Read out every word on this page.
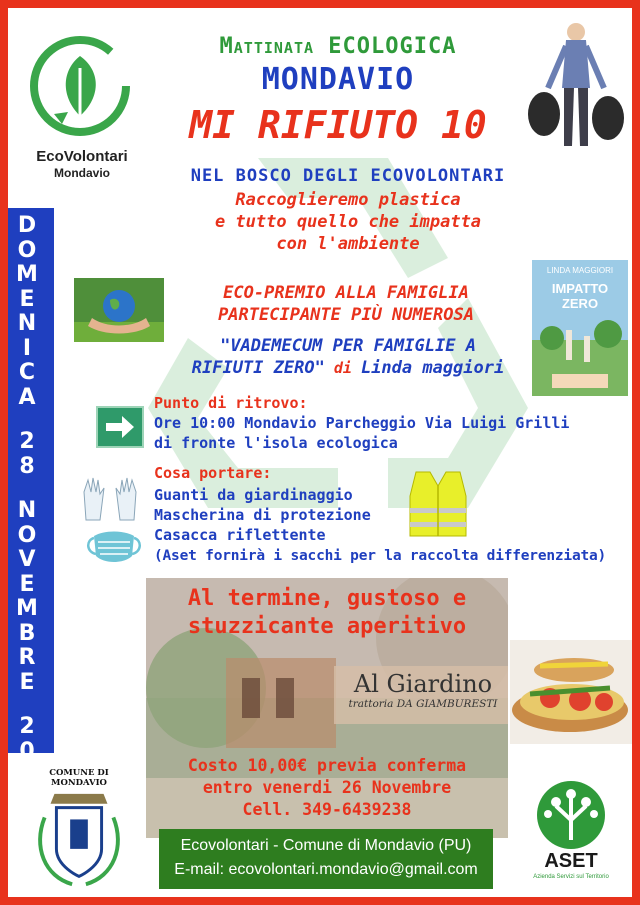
EcoVolontari
Mondavio
Mattinata ECOLOGICA
MONDAVIO
MI RIFIUTO 10
NEL BOSCO DEGLI ECOVOLONTARI
Raccoglieremo plastica
e tutto quello che impatta
con l'ambiente
D
O
M
E
N
I
C
A
2
8
N
O
V
E
M
B
R
E
2
0
2
1
ECO-PREMIO ALLA FAMIGLIA
PARTECIPANTE PIÙ NUMEROSA
"VADEMECUM PER FAMIGLIE A
RIFIUTI ZERO" di Linda maggiori
LINDA MAGGIORI
IMPATTO ZERO
Punto di ritrovo:
Ore 10:00 Mondavio Parcheggio Via Luigi Grilli
di fronte l'isola ecologica
Cosa portare:
Guanti da giardinaggio
Mascherina di protezione
Casacca riflettente
(Aset fornirà i sacchi per la raccolta differenziata)
Al termine, gustoso e
stuzzicante aperitivo
Al Giardino
trattoria DA GIAMBURESTI
Costo 10,00€ previa conferma
entro venerdi 26 Novembre
Cell. 349-6439238
COMUNE DI MONDAVIO
Ecovolontari - Comune di Mondavio (PU)
E-mail: ecovolontari.mondavio@gmail.com	ASET
Azienda Servizi sul Territorio
